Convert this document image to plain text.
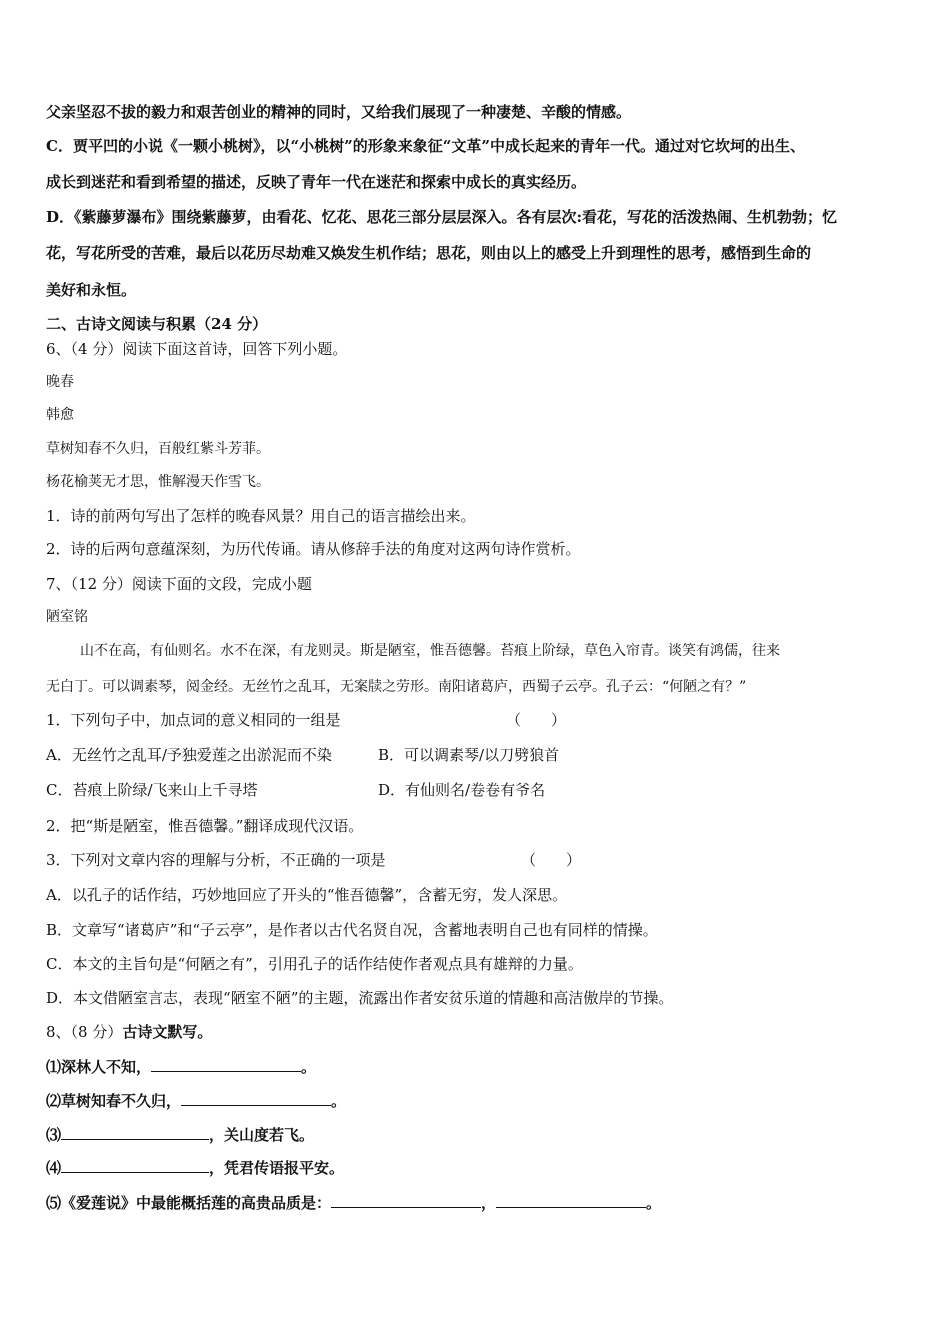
父亲坚忍不拔的毅力和艰苦创业的精神的同时，又给我们展现了一种凄楚、辛酸的情感。
C．贾平凹的小说《一颗小桃树》，以“小桃树”的形象来象征“文革”中成长起来的青年一代。通过对它坎坷的出生、
成长到迷茫和看到希望的描述，反映了青年一代在迷茫和探索中成长的真实经历。
D．《紫藤萝瀑布》围绕紫藤萝，由看花、忆花、思花三部分层层深入。各有层次:看花，写花的活泼热闹、生机勃勃；忆
花，写花所受的苦难，最后以花历尽劫难又焕发生机作结；思花，则由以上的感受上升到理性的思考，感悟到生命的
美好和永恒。
二、古诗文阅读与积累（24 分）
6、（4 分）阅读下面这首诗，回答下列小题。
晚春
韩愈
草树知春不久归，百般红紫斗芳菲。
杨花榆荚无才思，惟解漫天作雪飞。
1．诗的前两句写出了怎样的晚春风景？用自己的语言描绘出来。
2．诗的后两句意蕴深刻，为历代传诵。请从修辞手法的角度对这两句诗作赏析。
7、（12 分）阅读下面的文段，完成小题
陋室铭
山不在高，有仙则名。水不在深，有龙则灵。斯是陋室，惟吾德馨。苔痕上阶绿，草色入帘青。谈笑有鸿儒，往来
无白丁。可以调素琴，阅金经。无丝竹之乱耳，无案牍之劳形。南阳诸葛庐，西蜀子云亭。孔子云：“何陋之有？”
1．下列句子中，加点词的意义相同的一组是	（　　）
A．无丝竹之乱耳/予独爱莲之出淤泥而不染	B．可以调素琴/以刀劈狼首
C．苔痕上阶绿/飞来山上千寻塔	D．有仙则名/卷卷有爷名
2．把“斯是陋室，惟吾德馨。”翻译成现代汉语。
3．下列对文章内容的理解与分析，不正确的一项是	（　　）
A．以孔子的话作结，巧妙地回应了开头的“惟吾德馨”，含蓄无穷，发人深思。
B．文章写“诸葛庐”和“子云亭”，是作者以古代名贤自况，含蓄地表明自己也有同样的情操。
C．本文的主旨句是“何陋之有”，引用孔子的话作结使作者观点具有雄辩的力量。
D．本文借陋室言志，表现“陋室不陋”的主题，流露出作者安贫乐道的情趣和高洁傲岸的节操。
8、（8 分）古诗文默写。
⑴深林人不知，	。
⑵草树知春不久归，	。
⑶	，关山度若飞。
⑷	，凭君传语报平安。
⑸《爱莲说》中最能概括莲的高贵品质是：	，	。
